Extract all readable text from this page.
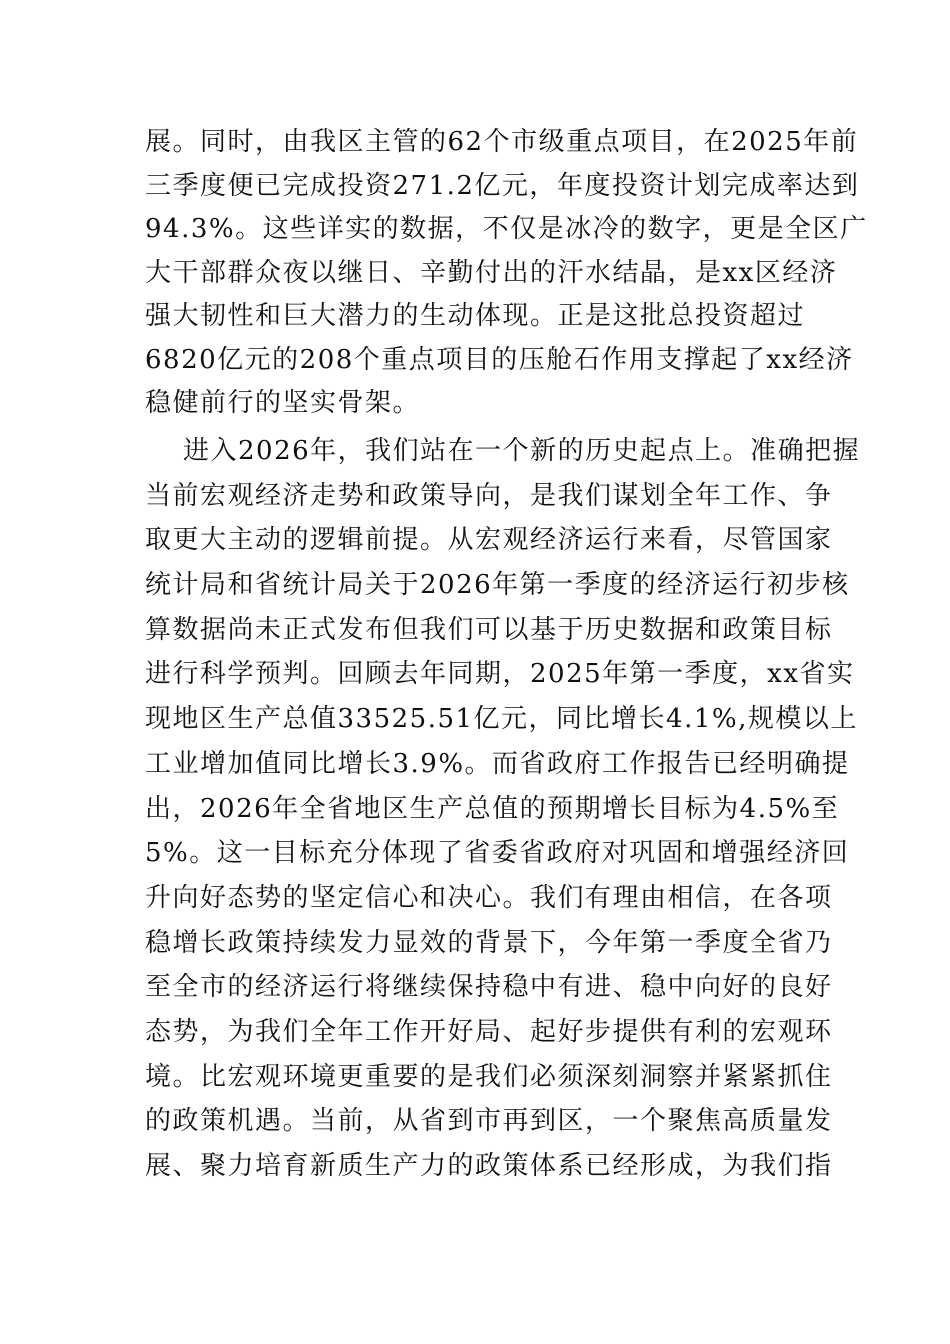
展。同时，由我区主管的62个市级重点项目，在2025年前
三季度便已完成投资271.2亿元，年度投资计划完成率达到
94.3%。这些详实的数据，不仅是冰冷的数字，更是全区广
大干部群众夜以继日、辛勤付出的汗水结晶，是xx区经济
强大韧性和巨大潜力的生动体现。正是这批总投资超过
6820亿元的208个重点项目的压舱石作用支撑起了xx经济
稳健前行的坚实骨架。
进入2026年，我们站在一个新的历史起点上。准确把握
当前宏观经济走势和政策导向，是我们谋划全年工作、争
取更大主动的逻辑前提。从宏观经济运行来看，尽管国家
统计局和省统计局关于2026年第一季度的经济运行初步核
算数据尚未正式发布但我们可以基于历史数据和政策目标
进行科学预判。回顾去年同期，2025年第一季度，xx省实
现地区生产总值33525.51亿元，同比增长4.1%,规模以上
工业增加值同比增长3.9%。而省政府工作报告已经明确提
出，2026年全省地区生产总值的预期增长目标为4.5%至
5%。这一目标充分体现了省委省政府对巩固和增强经济回
升向好态势的坚定信心和决心。我们有理由相信，在各项
稳增长政策持续发力显效的背景下，今年第一季度全省乃
至全市的经济运行将继续保持稳中有进、稳中向好的良好
态势，为我们全年工作开好局、起好步提供有利的宏观环
境。比宏观环境更重要的是我们必须深刻洞察并紧紧抓住
的政策机遇。当前，从省到市再到区，一个聚焦高质量发
展、聚力培育新质生产力的政策体系已经形成，为我们指
